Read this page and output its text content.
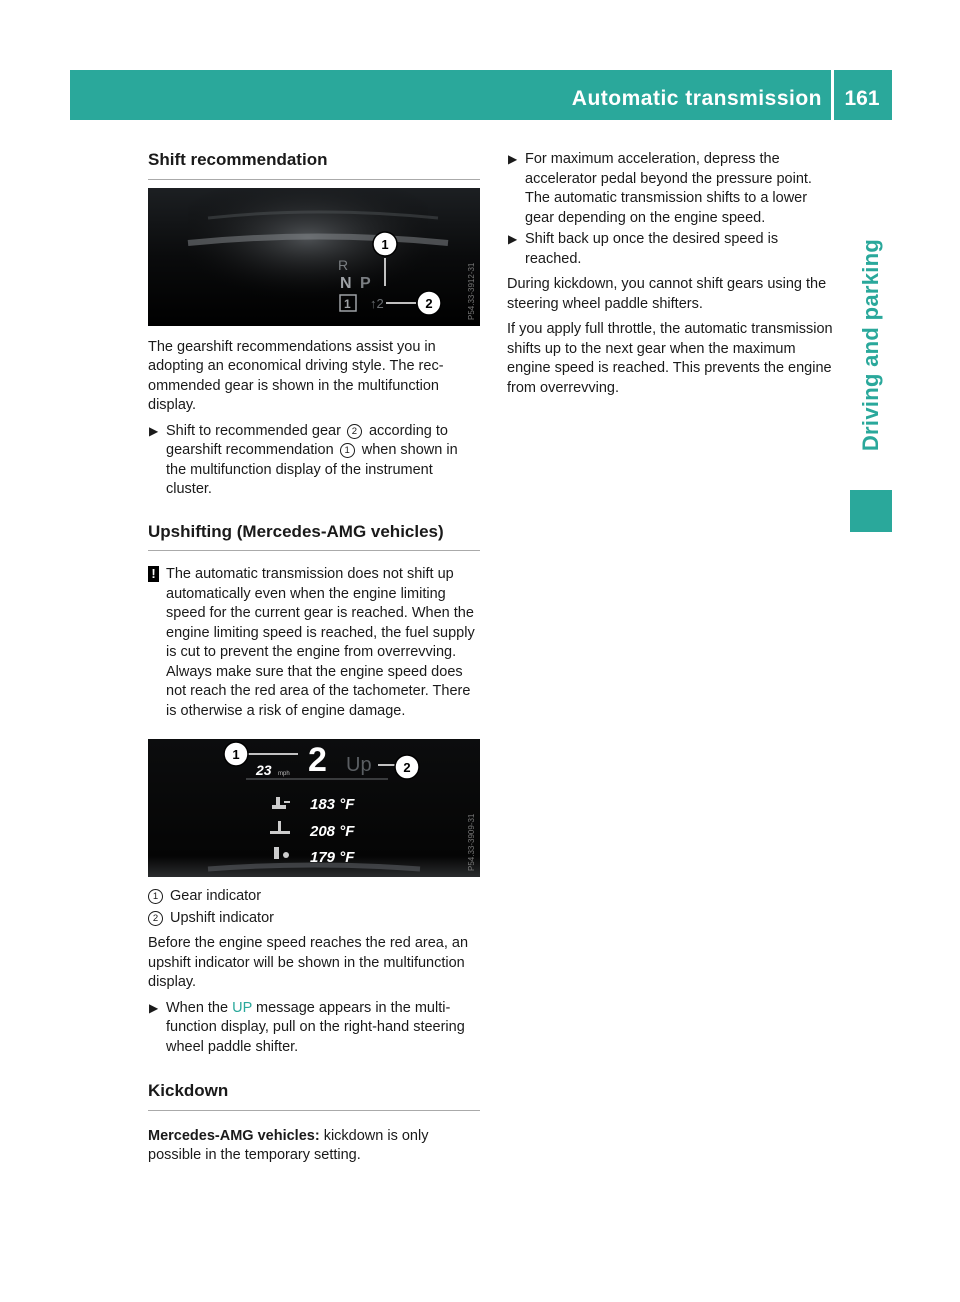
Automatic transmission	161
Driving and parking
Shift recommendation
R
N P
1 ↑2
1
2	P54.33-3912-31

The gearshift recommendations assist you in adopting an economical driving style. The recommended gear is shown in the multifunction display.

▶ Shift to recommended gear 2 according to gearshift recommendation 1 when shown in the multifunction display of the instrument cluster.
Upshifting (Mercedes-AMG vehicles)
! The automatic transmission does not shift up automatically even when the engine limiting speed for the current gear is reached. When the engine limiting speed is reached, the fuel supply is cut to prevent the engine from overrevving. Always make sure that the engine speed does not reach the red area of the tachometer. There is otherwise a risk of engine damage.
2
23 mph	Up
1
2
183 °F
208 °F
179 °F	P54.33-3909-31
1 Gear indicator
2 Upshift indicator

Before the engine speed reaches the red area, an upshift indicator will be shown in the multifunction display.

▶ When the UP message appears in the multifunction display, pull on the right-hand steering wheel paddle shifter.
Kickdown

Mercedes-AMG vehicles: kickdown is only possible in the temporary setting.

▶ For maximum acceleration, depress the accelerator pedal beyond the pressure point. The automatic transmission shifts to a lower gear depending on the engine speed.
▶ Shift back up once the desired speed is reached.

During kickdown, you cannot shift gears using the steering wheel paddle shifters.

If you apply full throttle, the automatic transmission shifts up to the next gear when the maximum engine speed is reached. This prevents the engine from overrevving.
